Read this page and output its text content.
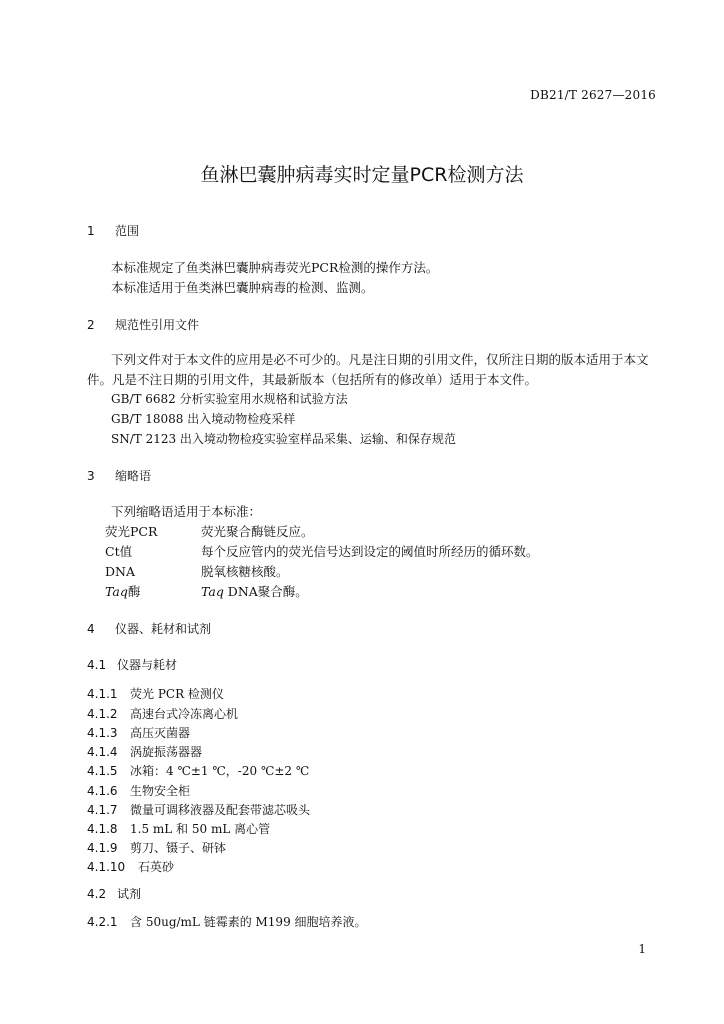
DB21/T 2627—2016
鱼淋巴囊肿病毒实时定量PCR检测方法
1 范围
本标准规定了鱼类淋巴囊肿病毒荧光PCR检测的操作方法。
本标准适用于鱼类淋巴囊肿病毒的检测、监测。
2 规范性引用文件
下列文件对于本文件的应用是必不可少的。凡是注日期的引用文件，仅所注日期的版本适用于本文件。凡是不注日期的引用文件，其最新版本（包括所有的修改单）适用于本文件。
GB/T 6682 分析实验室用水规格和试验方法
GB/T 18088 出入境动物检疫采样
SN/T 2123 出入境动物检疫实验室样品采集、运输、和保存规范
3 缩略语
下列缩略语适用于本标准：
荧光PCR	荧光聚合酶链反应。
Ct值	每个反应管内的荧光信号达到设定的阈值时所经历的循环数。
DNA	脱氧核糖核酸。
Taq酶	Taq DNA聚合酶。
4 仪器、耗材和试剂
4.1 仪器与耗材
4.1.1 荧光 PCR 检测仪
4.1.2 高速台式冷冻离心机
4.1.3 高压灭菌器
4.1.4 涡旋振荡器器
4.1.5 冰箱：4 ℃±1 ℃，-20 ℃±2 ℃
4.1.6 生物安全柜
4.1.7 微量可调移液器及配套带滤芯吸头
4.1.8 1.5 mL 和 50 mL 离心管
4.1.9 剪刀、镊子、研钵
4.1.10 石英砂
4.2 试剂
4.2.1 含 50ug/mL 链霉素的 M199 细胞培养液。
1
